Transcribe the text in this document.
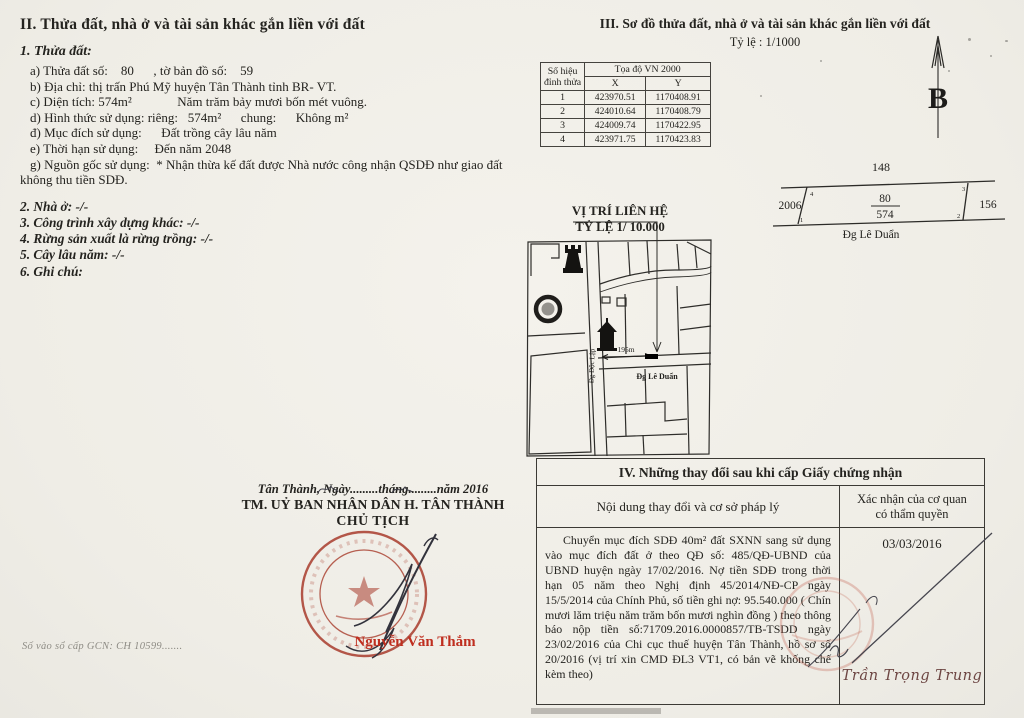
II. Thửa đất, nhà ở và tài sản khác gắn liền với đất
1. Thửa đất:
a) Thửa đất số:    80      , tờ bản đồ số:    59
b) Địa chỉ: thị trấn Phú Mỹ huyện Tân Thành tỉnh BR- VT.
c) Diện tích: 574m²              Năm trăm bảy mươi bốn mét vuông.
d) Hình thức sử dụng: riêng:   574m²      chung:      Không m²
đ) Mục đích sử dụng:      Đất trồng cây lâu năm
e) Thời hạn sử dụng:     Đến năm 2048
g) Nguồn gốc sử dụng:  * Nhận thừa kế đất được Nhà nước công nhận QSDĐ như giao đất không thu tiền SDĐ.
2. Nhà ở: -/-
3. Công trình xây dựng khác: -/-
4. Rừng sản xuất là rừng trồng: -/-
5. Cây lâu năm: -/-
6. Ghi chú:
III. Sơ đồ thửa đất, nhà ở và tài sản khác gắn liền với đất
Tỷ lệ : 1/1000
Số hiệu
đỉnh thửa	Tọa độ VN 2000	
	X	Y
1	423970.51	1170408.91
2	424010.64	1170408.79
3	424009.74	1170422.95
4	423971.75	1170423.83
B
148
2006	156
80
574
4
3
1
2
Đg Lê Duẩn
VỊ TRÍ LIÊN HỆ
TỶ LỆ 1/ 10.000
195m
Đg Lê Duẩn
Đg Độc Lập
Tân Thành, Ngày.........tháng.........năm 2016
TM. UỶ BAN NHÂN DÂN H. TÂN THÀNH
CHỦ TỊCH
Nguyễn Văn Thắm
Số vào sổ cấp GCN: CH 10599.......
IV. Những thay đổi sau khi cấp Giấy chứng nhận
Nội dung thay đổi và cơ sở pháp lý	Xác nhận của cơ quan
có thẩm quyền
Chuyển mục đích SDĐ 40m² đất SXNN sang sử dụng vào mục đích đất ở theo QĐ số: 485/QĐ-UBND của UBND huyện ngày 17/02/2016. Nợ tiền SDĐ trong thời hạn 05 năm theo Nghị định 45/2014/NĐ-CP ngày 15/5/2014 của Chính Phủ, số tiền ghi nợ: 95.540.000 ( Chín mươi lăm triệu năm trăm bốn mươi nghìn đồng ) theo thông báo nộp tiền số:71709.2016.0000857/TB-TSDD ngày 23/02/2016 của Chi cục thuế huyện Tân Thành, hồ sơ số 20/2016 (vị trí xin CMD ĐL3 VT1, có bản vẽ khống chế kèm theo)
03/03/2016
Trần Trọng Trung
